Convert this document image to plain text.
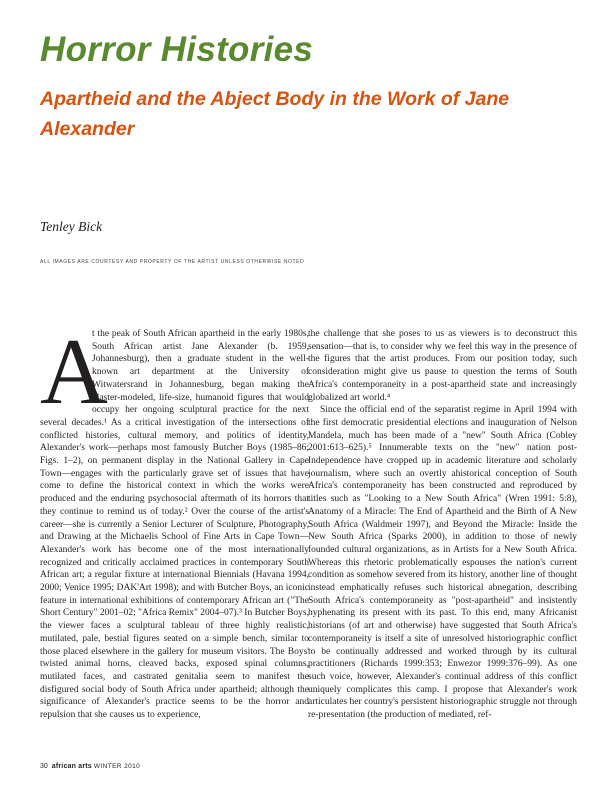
Horror Histories
Apartheid and the Abject Body in the Work of Jane Alexander
Tenley Bick
ALL IMAGES ARE COURTESY AND PROPERTY OF THE ARTIST UNLESS OTHERWISE NOTED
A

t the peak of South African apartheid in the early 1980s, South African artist Jane Alexander (b. 1959, Johannesburg), then a graduate student in the well-known art department at the University of Witwatersrand in Johannesburg, began making the plaster-modeled, life-size, humanoid figures that would occupy her ongoing sculptural practice for the next several decades.¹ As a critical investigation of the intersections of conflicted histories, cultural memory, and politics of identity, Alexander's work—perhaps most famously Butcher Boys (1985–86; Figs. 1–2), on permanent display in the National Gallery in Cape Town—engages with the particularly grave set of issues that have come to define the historical context in which the works were produced and the enduring psychosocial aftermath of its horrors that they continue to remind us of today.² Over the course of the artist's career—she is currently a Senior Lecturer of Sculpture, Photography, and Drawing at the Michaelis School of Fine Arts in Cape Town—Alexander's work has become one of the most internationally recognized and critically acclaimed practices in contemporary South African art; a regular fixture at international Biennials (Havana 1994, 2000; Venice 1995; DAK'Art 1998); and with Butcher Boys, an iconic feature in international exhibitions of contemporary African art ("The Short Century" 2001–02; "Africa Remix" 2004–07).³ In Butcher Boys, the viewer faces a sculptural tableau of three highly realistic, mutilated, pale, bestial figures seated on a simple bench, similar to those placed elsewhere in the gallery for museum visitors. The Boys' twisted animal horns, cleaved backs, exposed spinal columns, mutilated faces, and castrated genitalia seem to manifest the disfigured social body of South Africa under apartheid; although the significance of Alexander's practice seems to be the horror and repulsion that she causes us to experience,

the challenge that she poses to us as viewers is to deconstruct this sensation—that is, to consider why we feel this way in the presence of the figures that the artist produces. From our position today, such consideration might give us pause to question the terms of South Africa's contemporaneity in a post-apartheid state and increasingly globalized art world.⁴

Since the official end of the separatist regime in April 1994 with the first democratic presidential elections and inauguration of Nelson Mandela, much has been made of a "new" South Africa (Cobley 2001:613–625).⁵ Innumerable texts on the "new" nation post-Independence have cropped up in academic literature and scholarly journalism, where such an overtly ahistorical conception of South Africa's contemporaneity has been constructed and reproduced by titles such as "Looking to a New South Africa" (Wren 1991: 5:8), Anatomy of a Miracle: The End of Apartheid and the Birth of A New South Africa (Waldmeir 1997), and Beyond the Miracle: Inside the New South Africa (Sparks 2000), in addition to those of newly founded cultural organizations, as in Artists for a New South Africa. Whereas this rhetoric problematically espouses the nation's current condition as somehow severed from its history, another line of thought instead emphatically refuses such historical abnegation, describing South Africa's contemporaneity as "post-apartheid" and insistently hyphenating its present with its past. To this end, many Africanist historians (of art and otherwise) have suggested that South Africa's contemporaneity is itself a site of unresolved historiographic conflict to be continually addressed and worked through by its cultural practitioners (Richards 1999:353; Enwezor 1999:376–99). As one such voice, however, Alexander's continual address of this conflict uniquely complicates this camp. I propose that Alexander's work articulates her country's persistent historiographic struggle not through re-presentation (the production of mediated, ref-

30 african arts WINTER 2010
